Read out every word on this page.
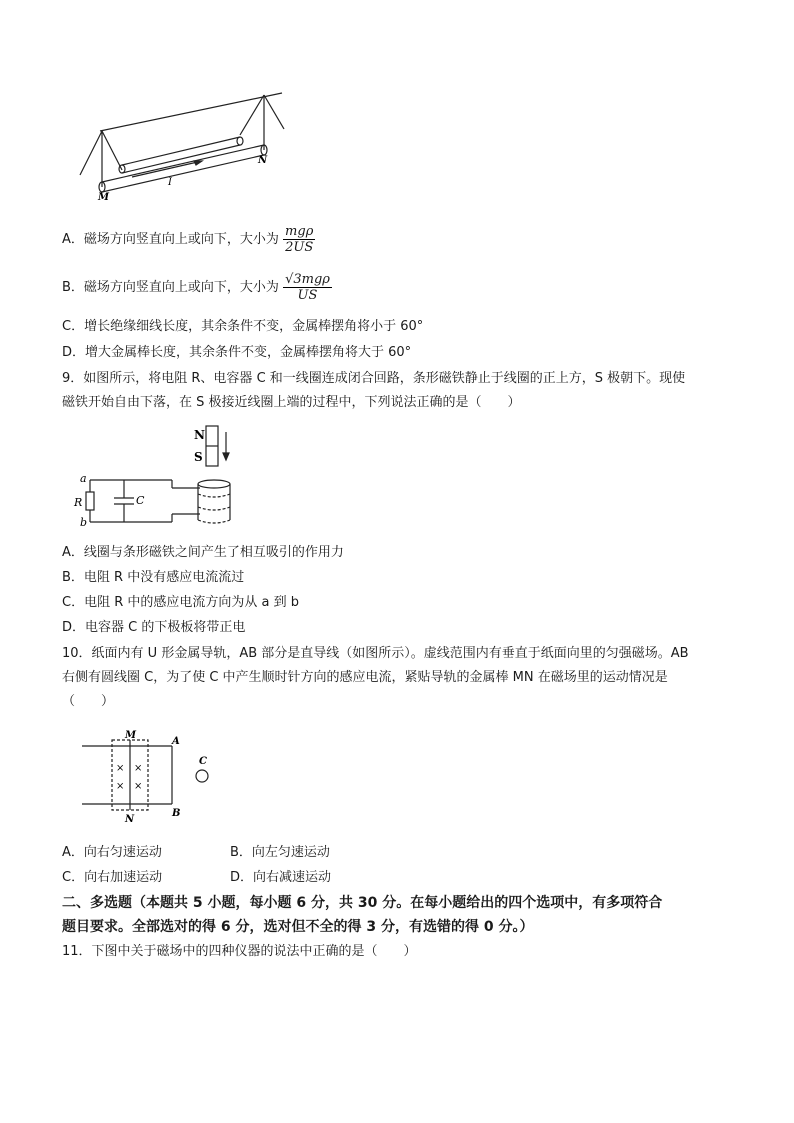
M
N
I
A．磁场方向竖直向上或向下，大小为 $\frac{\text{mgρ}}{2US}$
B．磁场方向竖直向上或向下，大小为 $\frac{\text{√3mgρ}}{US}$
C．增长绝缘细线长度，其余条件不变，金属棒摆角将小于 60°
D．增大金属棒长度，其余条件不变，金属棒摆角将大于 60°
9．如图所示，将电阻 R、电容器 C 和一线圈连成闭合回路，条形磁铁静止于线圈的正上方，S 极朝下。现使
磁铁开始自由下落，在 S 极接近线圈上端的过程中，下列说法正确的是（　　）
N
S
a
R	C
b
A．线圈与条形磁铁之间产生了相互吸引的作用力
B．电阻 R 中没有感应电流流过
C．电阻 R 中的感应电流方向为从 a 到 b
D．电容器 C 的下极板将带正电
10．纸面内有 U 形金属导轨，AB 部分是直导线（如图所示）。虚线范围内有垂直于纸面向里的匀强磁场。AB
右侧有圆线圈 C，为了使 C 中产生顺时针方向的感应电流，紧贴导轨的金属棒 MN 在磁场里的运动情况是
（　　）
M
N
A
B
C
× ×
× ×
A．向右匀速运动	B．向左匀速运动
C．向右加速运动	D．向右减速运动
二、多选题（本题共 5 小题，每小题 6 分，共 30 分。在每小题给出的四个选项中，有多项符合
题目要求。全部选对的得 6 分，选对但不全的得 3 分，有选错的得 0 分。）
11．下图中关于磁场中的四种仪器的说法中正确的是（　　）
